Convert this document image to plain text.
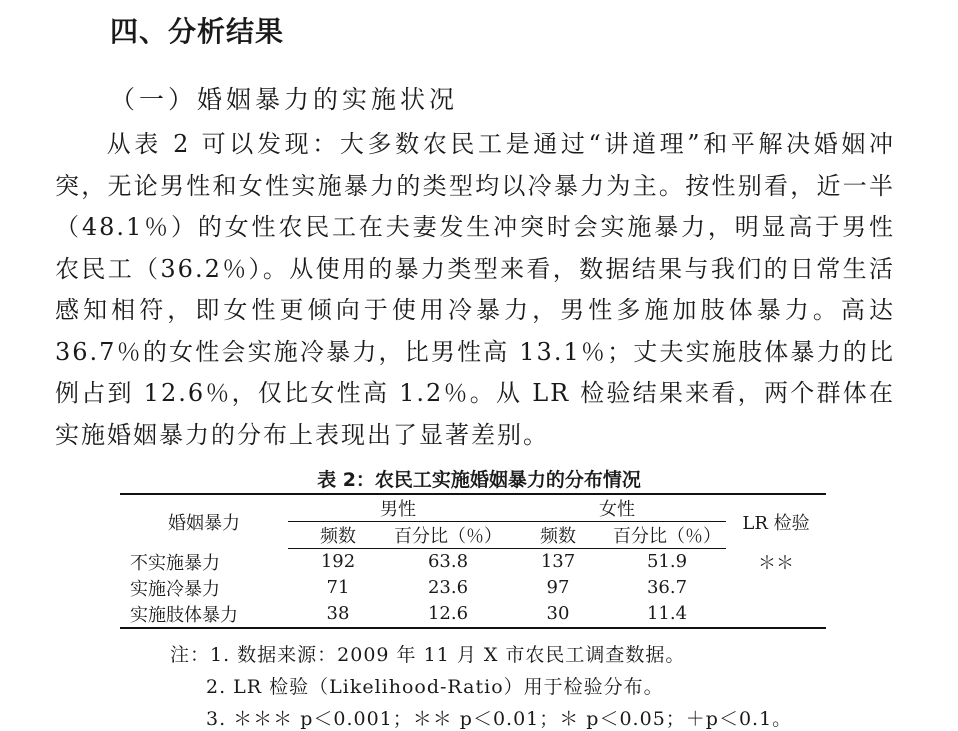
四、分析结果
（一）婚姻暴力的实施状况

从表 2 可以发现：大多数农民工是通过“讲道理”和平解决婚姻冲突，无论男性和女性实施暴力的类型均以冷暴力为主。按性别看，近一半（48.1％）的女性农民工在夫妻发生冲突时会实施暴力，明显高于男性农民工（36.2％）。从使用的暴力类型来看，数据结果与我们的日常生活感知相符，即女性更倾向于使用冷暴力，男性多施加肢体暴力。高达 36.7％的女性会实施冷暴力，比男性高 13.1％；丈夫实施肢体暴力的比例占到 12.6％，仅比女性高 1.2％。从 LR 检验结果来看，两个群体在实施婚姻暴力的分布上表现出了显著差别。

表 2：农民工实施婚姻暴力的分布情况
婚姻暴力	男性		女性		LR 检验
	频数	百分比（％）	频数	百分比（％）	
不实施暴力	192	63.8	137	51.9	＊＊
实施冷暴力	71	23.6	97	36.7	
实施肢体暴力	38	12.6	30	11.4	
注：1. 数据来源：2009 年 11 月 X 市农民工调查数据。
2. LR 检验（Likelihood-Ratio）用于检验分布。
3. ＊＊＊ p＜0.001；＊＊ p＜0.01；＊ p＜0.05；＋p＜0.1。
